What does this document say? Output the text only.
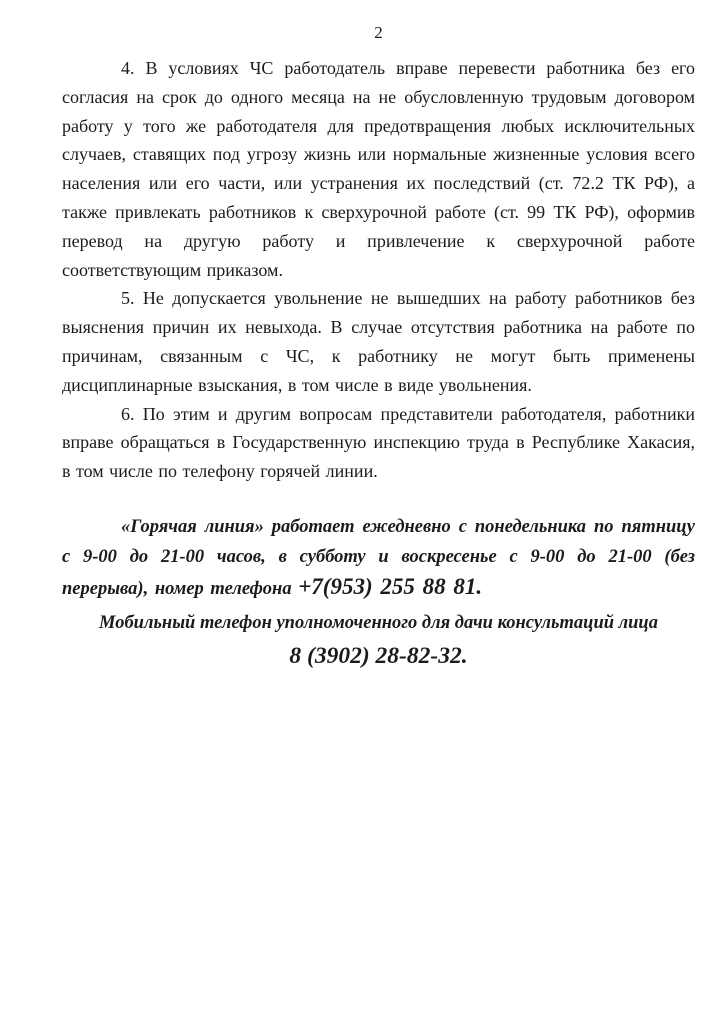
2

4. В условиях ЧС работодатель вправе перевести работника без его согласия на срок до одного месяца на не обусловленную трудовым договором работу у того же работодателя для предотвращения любых исключительных случаев, ставящих под угрозу жизнь или нормальные жизненные условия всего населения или его части, или устранения их последствий (ст. 72.2 ТК РФ), а также привлекать работников к сверхурочной работе (ст. 99 ТК РФ), оформив перевод на другую работу и привлечение к сверхурочной работе соответствующим приказом.

5. Не допускается увольнение не вышедших на работу работников без выяснения причин их невыхода. В случае отсутствия работника на работе по причинам, связанным с ЧС, к работнику не могут быть применены дисциплинарные взыскания, в том числе в виде увольнения.

6. По этим и другим вопросам представители работодателя, работники вправе обращаться в Государственную инспекцию труда в Республике Хакасия, в том числе по телефону горячей линии.

«Горячая линия» работает ежедневно с понедельника по пятницу с 9-00 до 21-00 часов, в субботу и воскресенье с 9-00 до 21-00 (без перерыва), номер телефона +7(953) 255 88 81.

Мобильный телефон уполномоченного для дачи консультаций лица

8 (3902) 28-82-32.
